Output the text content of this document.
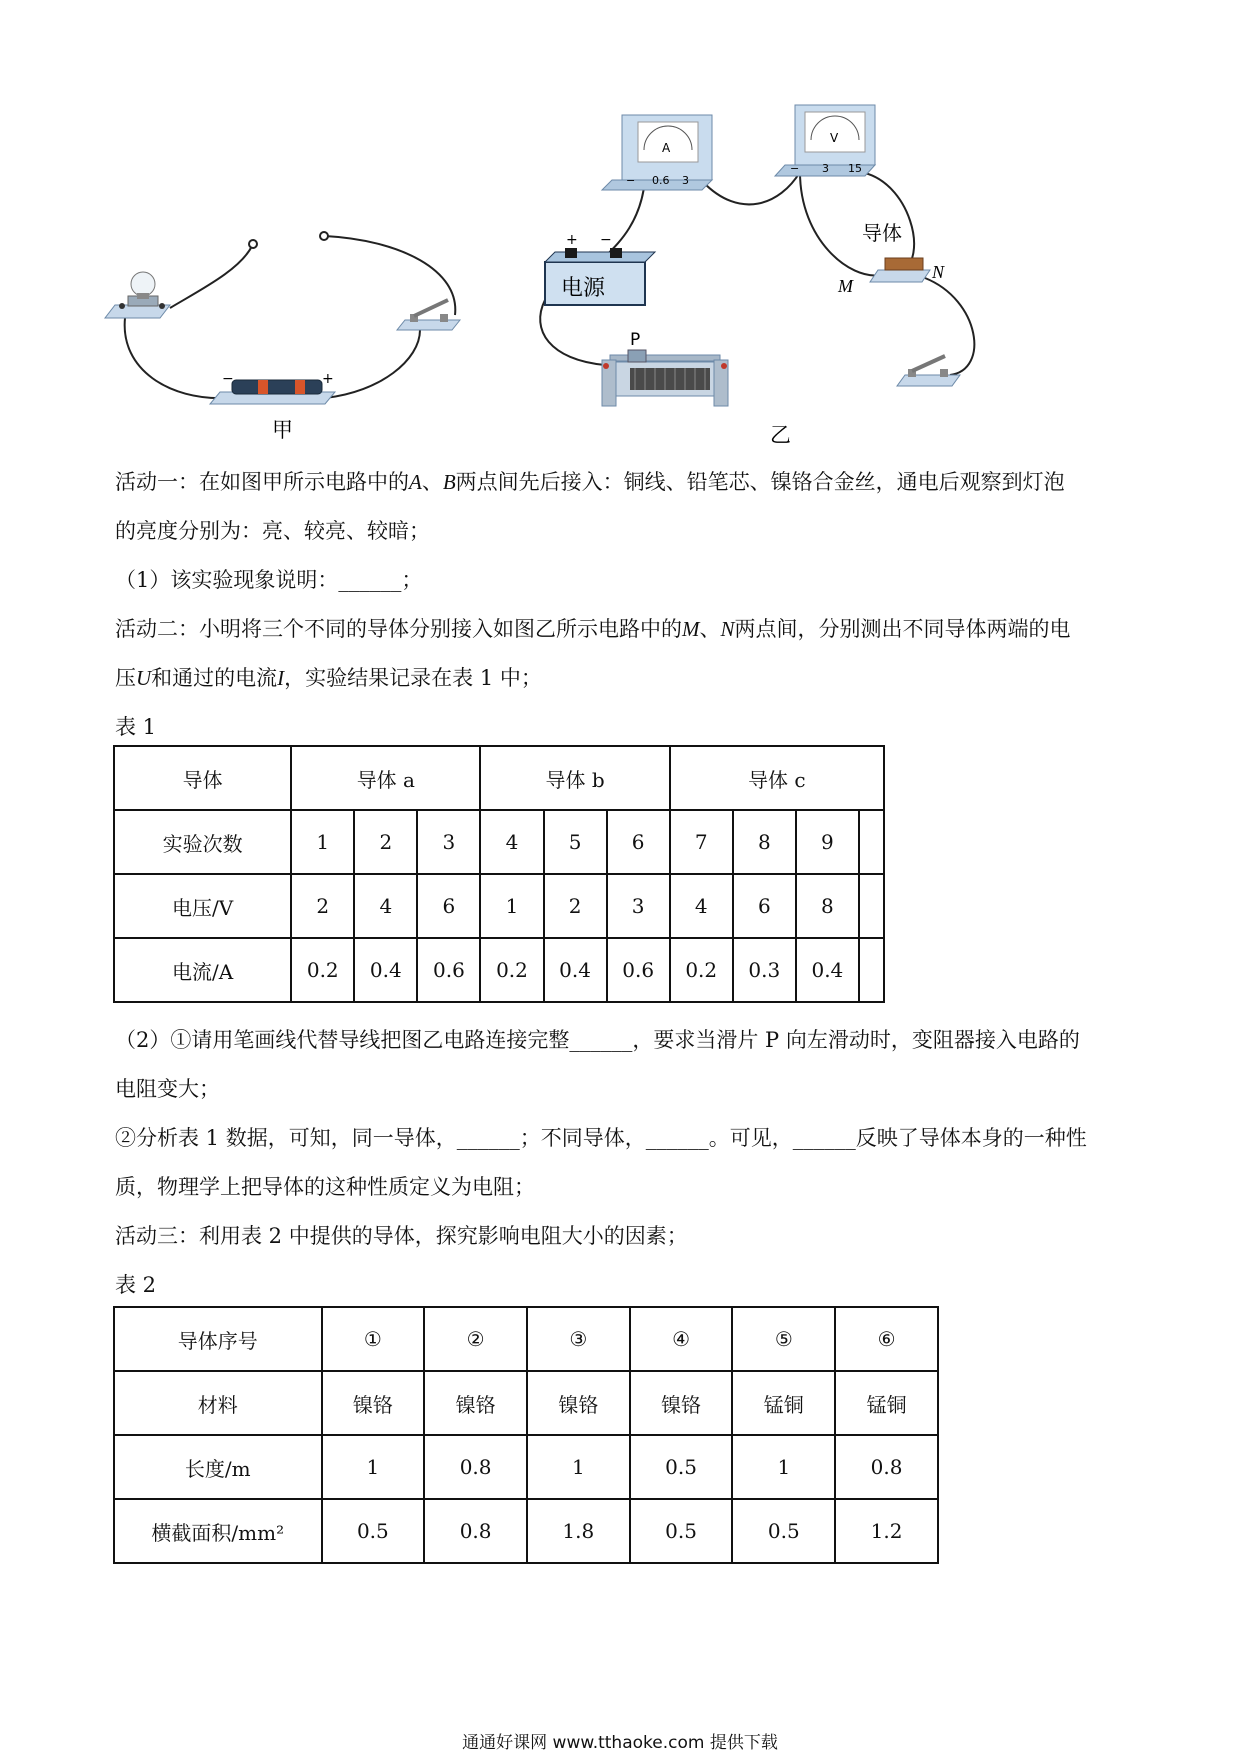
−	+
甲
A
− 0.6 3
V
− 3 15
电源
+ −
P
导体
M
N
乙
活动一：在如图甲所示电路中的A、B两点间先后接入：铜线、铅笔芯、镍铬合金丝，通电后观察到灯泡
的亮度分别为：亮、较亮、较暗；
（1）该实验现象说明：______；
活动二：小明将三个不同的导体分别接入如图乙所示电路中的M、N两点间，分别测出不同导体两端的电
压U和通过的电流I，实验结果记录在表 1 中；
表 1
导体	导体 a			导体 b			导体 c			
实验次数	1	2	3	4	5	6	7	8	9	
电压/V	2	4	6	1	2	3	4	6	8	
电流/A	0.2	0.4	0.6	0.2	0.4	0.6	0.2	0.3	0.4	
（2）①请用笔画线代替导线把图乙电路连接完整______，要求当滑片 P 向左滑动时，变阻器接入电路的
电阻变大；
②分析表 1 数据，可知，同一导体，______；不同导体，______。可见，______反映了导体本身的一种性
质，物理学上把导体的这种性质定义为电阻；
活动三：利用表 2 中提供的导体，探究影响电阻大小的因素；
表 2
导体序号	①	②	③	④	⑤	⑥
材料	镍铬	镍铬	镍铬	镍铬	锰铜	锰铜
长度/m	1	0.8	1	0.5	1	0.8
横截面积/mm²	0.5	0.8	1.8	0.5	0.5	1.2
通通好课网 www.tthaoke.com 提供下载
